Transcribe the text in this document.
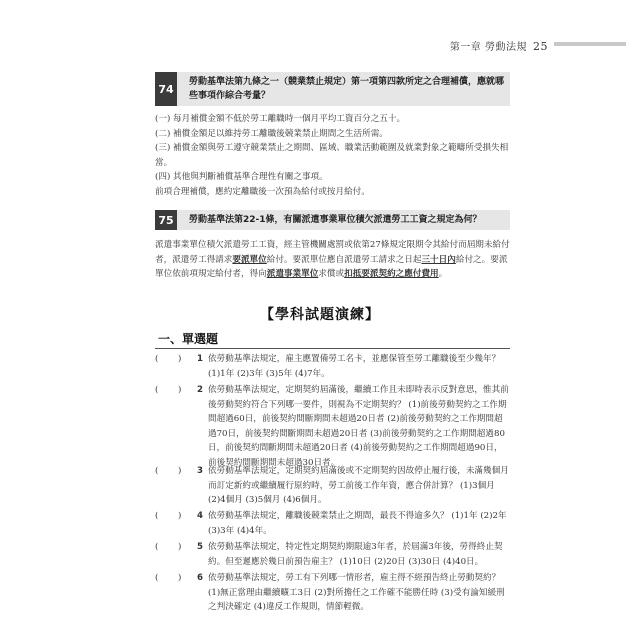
第一章 勞動法規 25
74
勞動基準法第九條之一（競業禁止規定）第一項第四款所定之合理補償，應就哪些事項作綜合考量？

(一) 每月補償金額不低於勞工離職時一個月平均工資百分之五十。

(二) 補償金額足以維持勞工離職後競業禁止期間之生活所需。

(三) 補償金額與勞工遵守競業禁止之期間、區域、職業活動範圍及就業對象之範疇所受損失相當。

(四) 其他與判斷補償基準合理性有關之事項。

前項合理補償，應約定離職後一次預為給付或按月給付。

75	勞動基準法第22-1條，有關派遣事業單位積欠派遣勞工工資之規定為何？

派遣事業單位積欠派遣勞工工資，經主管機關處罰或依第27條規定限期令其給付而屆期未給付者，派遣勞工得請求要派單位給付。要派單位應自派遣勞工請求之日起三十日內給付之。要派單位依前項規定給付者，得向派遣事業單位求償或扣抵要派契約之應付費用。

【學科試題演練】
一、單選題
( ) 1 依勞動基準法規定，雇主應置備勞工名卡，並應保管至勞工離職後至少幾年？ (1)1年 (2)3年 (3)5年 (4)7年。
( ) 2 依勞動基準法規定，定期契約屆滿後，繼續工作且未即時表示反對意思，惟其前後勞動契約符合下列哪一要件，則視為不定期契約？ (1)前後勞動契約之工作期間超過60日，前後契約間斷期間未超過20日者 (2)前後勞動契約之工作期間超過70日，前後契約間斷期間未超過20日者 (3)前後勞動契約之工作期間超過80日，前後契約間斷期間未超過20日者 (4)前後勞動契約之工作期間超過90日，前後契約間斷期間未超過30日者。
( ) 3 依勞動基準法規定，定期契約屆滿後或不定期契約因故停止履行後，未滿幾個月而訂定新約或繼續履行原約時，勞工前後工作年資，應合併計算？ (1)3個月 (2)4個月 (3)5個月 (4)6個月。
( ) 4 依勞動基準法規定，離職後競業禁止之期間，最長不得逾多久？ (1)1年 (2)2年 (3)3年 (4)4年。
( ) 5 依勞動基準法規定，特定性定期契約期限逾3年者，於屆滿3年後，勞得終止契約。但至遲應於幾日前預告雇主？ (1)10日 (2)20日 (3)30日 (4)40日。
( ) 6 依勞動基準法規定，勞工有下列哪一情形者，雇主得不經預告終止勞動契約？ (1)無正當理由繼續曠工3日 (2)對所擔任之工作確不能勝任時 (3)受有論知緩刑之判決確定 (4)違反工作規則，情節輕微。
